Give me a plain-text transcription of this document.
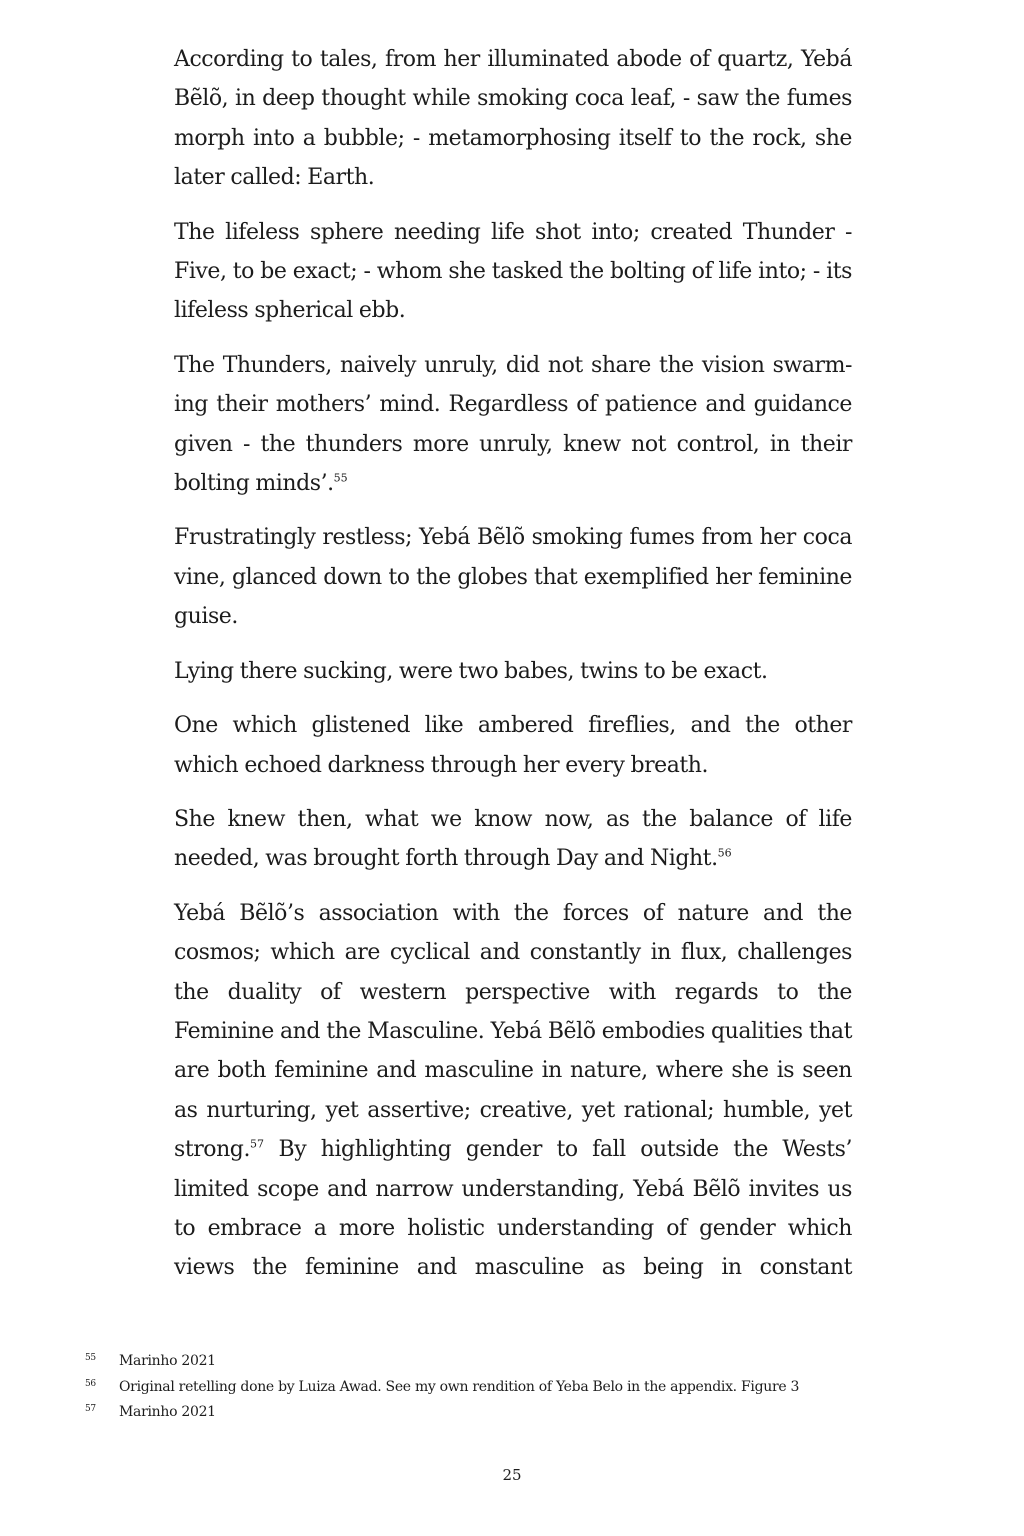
According to tales, from her illuminated abode of quartz, Yebá Bẽlõ, in deep thought while smoking coca leaf, - saw the fumes morph into a bubble; - metamorphosing itself to the rock, she later called: Earth.

The lifeless sphere needing life shot into; created Thunder - Five, to be exact; - whom she tasked the bolting of life into; - its lifeless spherical ebb.

The Thunders, naively unruly, did not share the vision swarm-ing their mothers’ mind. Regardless of patience and guidance given - the thunders more unruly, knew not control, in their bolting minds’.$^{55}$

Frustratingly restless; Yebá Bẽlõ smoking fumes from her coca vine, glanced down to the globes that exemplified her feminine guise.

Lying there sucking, were two babes, twins to be exact.

One which glistened like ambered fireflies, and the other which echoed darkness through her every breath.

She knew then, what we know now, as the balance of life needed, was brought forth through Day and Night.$^{56}$

Yebá Bẽlõ’s association with the forces of nature and the cosmos; which are cyclical and constantly in flux, challenges the duality of western perspective with regards to the Feminine and the Masculine. Yebá Bẽlõ embodies qualities that are both feminine and masculine in nature, where she is seen as nurturing, yet assertive; creative, yet rational; humble, yet strong.$^{57}$ By highlighting gender to fall outside the Wests’ limited scope and narrow understanding, Yebá Bẽlõ invites us to embrace a more holistic understanding of gender which views the feminine and masculine as being in constant

55	Marinho 2021
56	Original retelling done by Luiza Awad. See my own rendition of Yeba Belo in the appendix. Figure 3
57	Marinho 2021
25
